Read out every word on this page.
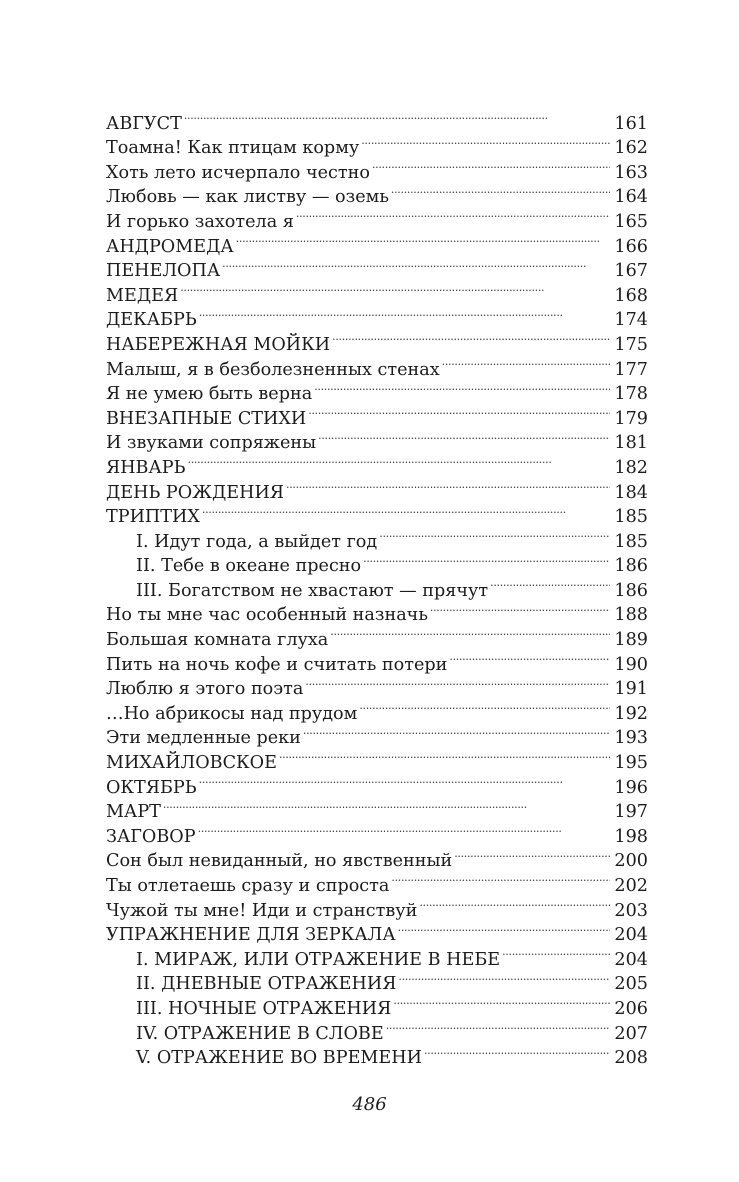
АВГУСТ . . .	161
Тоамна! Как птицам корму . . .	162
Хоть лето исчерпало честно . . .	163
Любовь — как листву — оземь . . .	164
И горько захотела я . . .	165
АНДРОМЕДА . . .	166
ПЕНЕЛОПА . . .	167
МЕДЕЯ . . .	168
ДЕКАБРЬ . . .	174
НАБЕРЕЖНАЯ МОЙКИ . . .	175
Малыш, я в безболезненных стенах . . .	177
Я не умею быть верна . . .	178
ВНЕЗАПНЫЕ СТИХИ . . .	179
И звуками сопряжены . . .	181
ЯНВАРЬ . . .	182
ДЕНЬ РОЖДЕНИЯ . . .	184
ТРИПТИХ . . .	185
I. Идут года, а выйдет год . . .	185
II. Тебе в океане пресно . . .	186
III. Богатством не хвастают — прячут . . .	186
Но ты мне час особенный назначь . . .	188
Большая комната глуха . . .	189
Пить на ночь кофе и считать потери . . .	190
Люблю я этого поэта . . .	191
…Но абрикосы над прудом . . .	192
Эти медленные реки . . .	193
МИХАЙЛОВСКОЕ . . .	195
ОКТЯБРЬ . . .	196
МАРТ . . .	197
ЗАГОВОР . . .	198
Сон был невиданный, но явственный . . .	200
Ты отлетаешь сразу и спроста . . .	202
Чужой ты мне! Иди и странствуй . . .	203
УПРАЖНЕНИЕ ДЛЯ ЗЕРКАЛА . . .	204
I. МИРАЖ, ИЛИ ОТРАЖЕНИЕ В НЕБЕ . . .	204
II. ДНЕВНЫЕ ОТРАЖЕНИЯ . . .	205
III. НОЧНЫЕ ОТРАЖЕНИЯ . . .	206
IV. ОТРАЖЕНИЕ В СЛОВЕ . . .	207
V. ОТРАЖЕНИЕ ВО ВРЕМЕНИ . . .	208
486
